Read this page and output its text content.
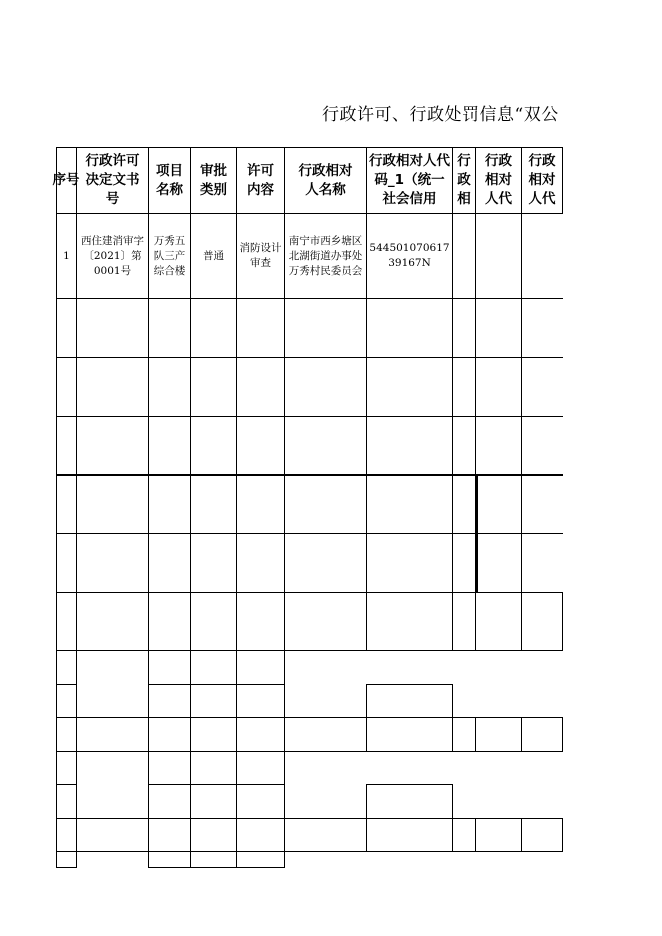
行政许可、行政处罚信息“双公
序号
行政许可决定文书号
项目名称
审批类别
许可内容
行政相对人名称
行政相对人代码_1（统一社会信用
行政相
行政相对人代
行政相对人代
1
西住建消审字〔2021〕第0001号
万秀五队三产综合楼
普通
消防设计审查
南宁市西乡塘区北湖街道办事处万秀村民委员会
54450107061739167N
